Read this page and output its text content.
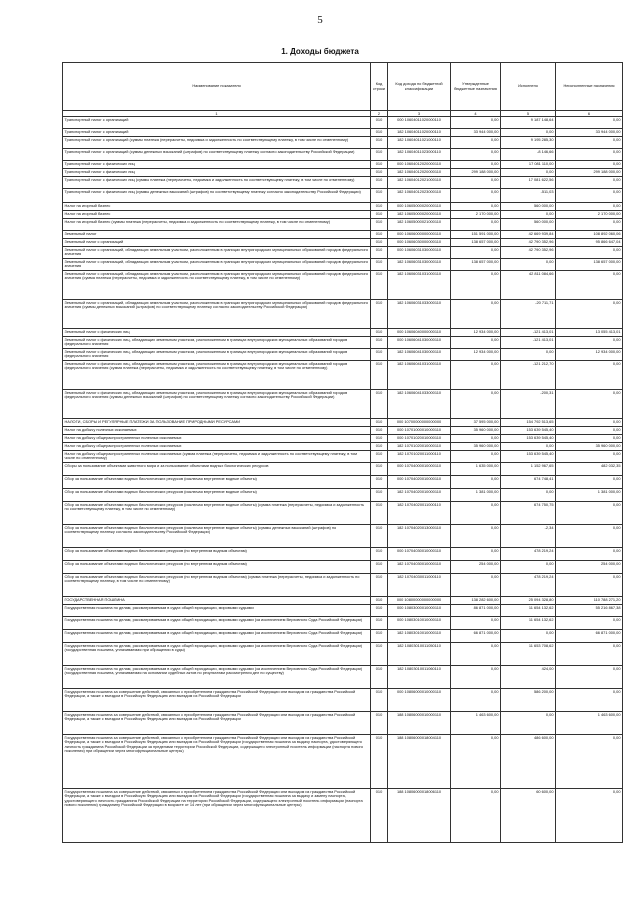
5
1. Доходы бюджета
Наименование показателя	Код строки	Код дохода по бюджетной классификации	Утвержденные бюджетные назначения	Исполнено	Неисполненные назначения
1	2	3	4	5	6
Транспортный налог с организаций	010	000 10604011020000110	0,00	9 187 148,64	0,00
Транспортный налог с организаций	010	182 10604011020000110	33 944 000,00	0,00	33 944 000,00
Транспортный налог с организаций (суммы платежа (перерасчеты, недоимка и задолженность по соответствующему платежу, в том числе по отмененному)	010	182 10604011021000110	0,00	9 195 285,30	0,00
Транспортный налог с организаций (суммы денежных взысканий (штрафов) по соответствующему платежу согласно законодательству Российской Федерации)	010	182 10604011023000110	0,00	-8 146,66	0,00
Транспортный налог с физических лиц	010	000 10604012020000110	0,00	17 081 110,00	0,00
Транспортный налог с физических лиц	010	182 10604012020000110	299 188 000,00	0,00	299 188 000,00
Транспортный налог с физических лиц (суммы платежа (перерасчеты, недоимка и задолженность по соответствующему платежу, в том числе по отмененному)	010	182 10604012021000110	0,00	17 081 622,56	0,00
Транспортный налог с физических лиц (суммы денежных взысканий (штрафов) по соответствующему платежу согласно законодательству Российской Федерации)	010	182 10604012023000110	0,00	-511,03	0,00
Налог на игорный бизнес	010	000 10605000020000110	0,00	560 000,00	0,00
Налог на игорный бизнес	010	182 10605000020000110	2 170 000,00	0,00	2 170 000,00
Налог на игорный бизнес (суммы платежа (перерасчеты, недоимка и задолженность по соответствующему платежу, в том числе по отмененному)	010	182 10605000021000110	0,00	560 000,00	0,00
Земельный налог	010	000 10606000000000110	151 591 000,00	42 669 939,84	108 892 060,06
Земельный налог с организаций	010	000 10606030000000110	138 657 000,00	42 790 352,96	95 866 647,04
Земельный налог с организаций, обладающих земельным участком, расположенным в границах внутригородских муниципальных образований городов федерального значения	010	000 10606031030000110	0,00	42 790 352,96	0,00
Земельный налог с организаций, обладающих земельным участком, расположенным в границах внутригородских муниципальных образований городов федерального значения	010	182 10606031030000110	138 657 000,00	0,00	138 657 000,00
Земельный налог с организаций, обладающих земельным участком, расположенным в границах внутригородских муниципальных образований городов федерального значения (сумма платежа (перерасчеты, недоимка и задолженность по соответствующему платежу, в том числе по отмененному)	010	182 10606031031000110	0,00	42 811 084,66	0,00
Земельный налог с организаций, обладающих земельным участком, расположенным в границах внутригородских муниципальных образований городов федерального значения (суммы денежных взысканий (штрафов) по соответствующему платежу согласно законодательству Российской Федерации)	010	182 10606031033000110	0,00	-20 711,71	0,00
Земельный налог с физических лиц	010	000 10606040000000110	12 934 000,00	-121 413,01	13 055 413,01
Земельный налог с физических лиц, обладающих земельным участком, расположенным в границах внутригородских муниципальных образований городов федерального значения	010	000 10606041030000110	0,00	-121 413,01	0,00
Земельный налог с физических лиц, обладающих земельным участком, расположенным в границах внутригородских муниципальных образований городов федерального значения	010	182 10606041030000110	12 934 000,00	0,00	12 934 000,00
Земельный налог с физических лиц, обладающих земельным участком, расположенным в границах внутригородских муниципальных образований городов федерального значения (сумма платежа (перерасчеты, недоимка и задолженность по соответствующему платежу, в том числе по отмененному)	010	182 10606041031000110	0,00	-121 212,70	0,00
Земельный налог с физических лиц, обладающих земельным участком, расположенным в границах внутригородских муниципальных образований городов федерального значения (суммы денежных взысканий (штрафов) по соответствующему платежу согласно законодательству Российской Федерации)	010	182 10606041033000110	0,00	-200,31	0,00
НАЛОГИ, СБОРЫ И РЕГУЛЯРНЫЕ ПЛАТЕЖИ ЗА ПОЛЬЗОВАНИЕ ПРИРОДНЫМИ РЕСУРСАМИ	010	000 10700000000000000	37 595 000,00	154 792 513,65	0,00
Налог на добычу полезных ископаемых	010	000 10701000010000110	35 960 000,00	153 639 545,40	0,00
Налог на добычу общераспространенных полезных ископаемых	010	000 10701020010000110	0,00	153 639 545,40	0,00
Налог на добычу общераспространенных полезных ископаемых	010	182 10701020010000110	35 960 000,00	0,00	35 960 000,00
Налог на добычу общераспространенных полезных ископаемых (сумма платежа (перерасчеты, недоимка и задолженность по соответствующему платежу, в том числе по отмененному)	010	182 10701020011000110	0,00	153 639 545,40	0,00
Сборы за пользование объектами животного мира и за пользование объектами водных биологических ресурсов	010	000 10704000010000110	1 635 000,00	1 152 967,65	482 032,35
Сбор за пользование объектами водных биологических ресурсов (исключая внутренние водные объекты)	010	000 10704020010000110	0,00	674 748,41	0,00
Сбор за пользование объектами водных биологических ресурсов (исключая внутренние водные объекты)	010	182 10704020010000110	1 381 000,00	0,00	1 381 000,00
Сбор за пользование объектами водных биологических ресурсов (исключая внутренние водные объекты) (сумма платежа (перерасчеты, недоимка и задолженность по соответствующему платежу, в том числе по отмененному)	010	182 10704020011000110	0,00	674 750,75	0,00
Сбор за пользование объектами водных биологических ресурсов (исключая внутренние водные объекты) (суммы денежных взысканий (штрафов) по соответствующему платежу согласно законодательству Российской Федерации)	010	182 10704020013000110	0,00	-2,34	0,00
Сбор за пользование объектами водных биологических ресурсов (по внутренним водным объектам)	010	000 10704030010000110	0,00	478 219,24	0,00
Сбор за пользование объектами водных биологических ресурсов (по внутренним водным объектам)	010	182 10704030010000110	254 000,00	0,00	254 000,00
Сбор за пользование объектами водных биологических ресурсов (по внутренним водным объектам) (сумма платежа (перерасчеты, недоимка и задолженность по соответствующему платежу, в том числе по отмененному)	010	182 10704030011000110	0,00	478 219,24	0,00
ГОСУДАРСТВЕННАЯ ПОШЛИНА	010	000 10800000000000000	138 282 600,00	25 094 328,80	110 788 271,20
Государственная пошлина по делам, рассматриваемым в судах общей юрисдикции, мировыми судьями	010	000 10803000010000110	86 871 000,00	11 654 132,62	55 216 867,38
Государственная пошлина по делам, рассматриваемым в судах общей юрисдикции, мировыми судьями (за исключением Верховного Суда Российской Федерации)	010	000 10803010010000110	0,00	11 654 132,62	0,00
Государственная пошлина по делам, рассматриваемым в судах общей юрисдикции, мировыми судьями (за исключением Верховного Суда Российской Федерации)	010	182 10803010010000110	66 871 000,00	0,00	66 871 000,00
Государственная пошлина по делам, рассматриваемым в судах общей юрисдикции, мировыми судьями (за исключением Верховного Суда Российской Федерации) (государственная пошлина, уплачиваемая при обращении в суды)	010	182 10803010011050110	0,00	11 653 708,62	0,00
Государственная пошлина по делам, рассматриваемым в судах общей юрисдикции, мировыми судьями (за исключением Верховного Суда Российской Федерации) (государственная пошлина, уплачиваемая на основании судебных актов по результатам рассмотрения дел по существу)	010	182 10803010011060110	0,00	424,00	0,00
Государственная пошлина за совершение действий, связанных с приобретением гражданства Российской Федерации или выходом из гражданства Российской Федерации, а также с въездом в Российскую Федерацию или выездом из Российской Федерации	010	000 10806000010000110	0,00	586 200,00	0,00
Государственная пошлина за совершение действий, связанных с приобретением гражданства Российской Федерации или выходом из гражданства Российской Федерации, а также с въездом в Российскую Федерацию или выездом из Российской Федерации	010	188 10806000010000110	1 463 600,00	0,00	1 463 600,00
Государственная пошлина за совершение действий, связанных с приобретением гражданства Российской Федерации или выходом из гражданства Российской Федерации, а также с въездом в Российскую Федерацию или выездом из Российской Федерации (государственная пошлина за выдачу паспорта, удостоверяющего личность гражданина Российской Федерации за пределами территории Российской Федерации, содержащего электронный носитель информации (паспорта нового поколения) при обращении через многофункциональные центры)	010	188 10806000018004110	0,00	486 600,00	0,00
Государственная пошлина за совершение действий, связанных с приобретением гражданства Российской Федерации или выходом из гражданства Российской Федерации, а также с въездом в Российскую Федерацию или выездом из Российской Федерации (государственная пошлина за выдачу и замену паспорта, удостоверяющего личность гражданина Российской Федерации на территории Российской Федерации, содержащего электронный носитель информации (паспорта нового поколения) гражданину Российской Федерации в возрасте от 14 лет (при обращении через многофункциональные центры)	010	188 10806000018006110	0,00	60 600,00	0,00
